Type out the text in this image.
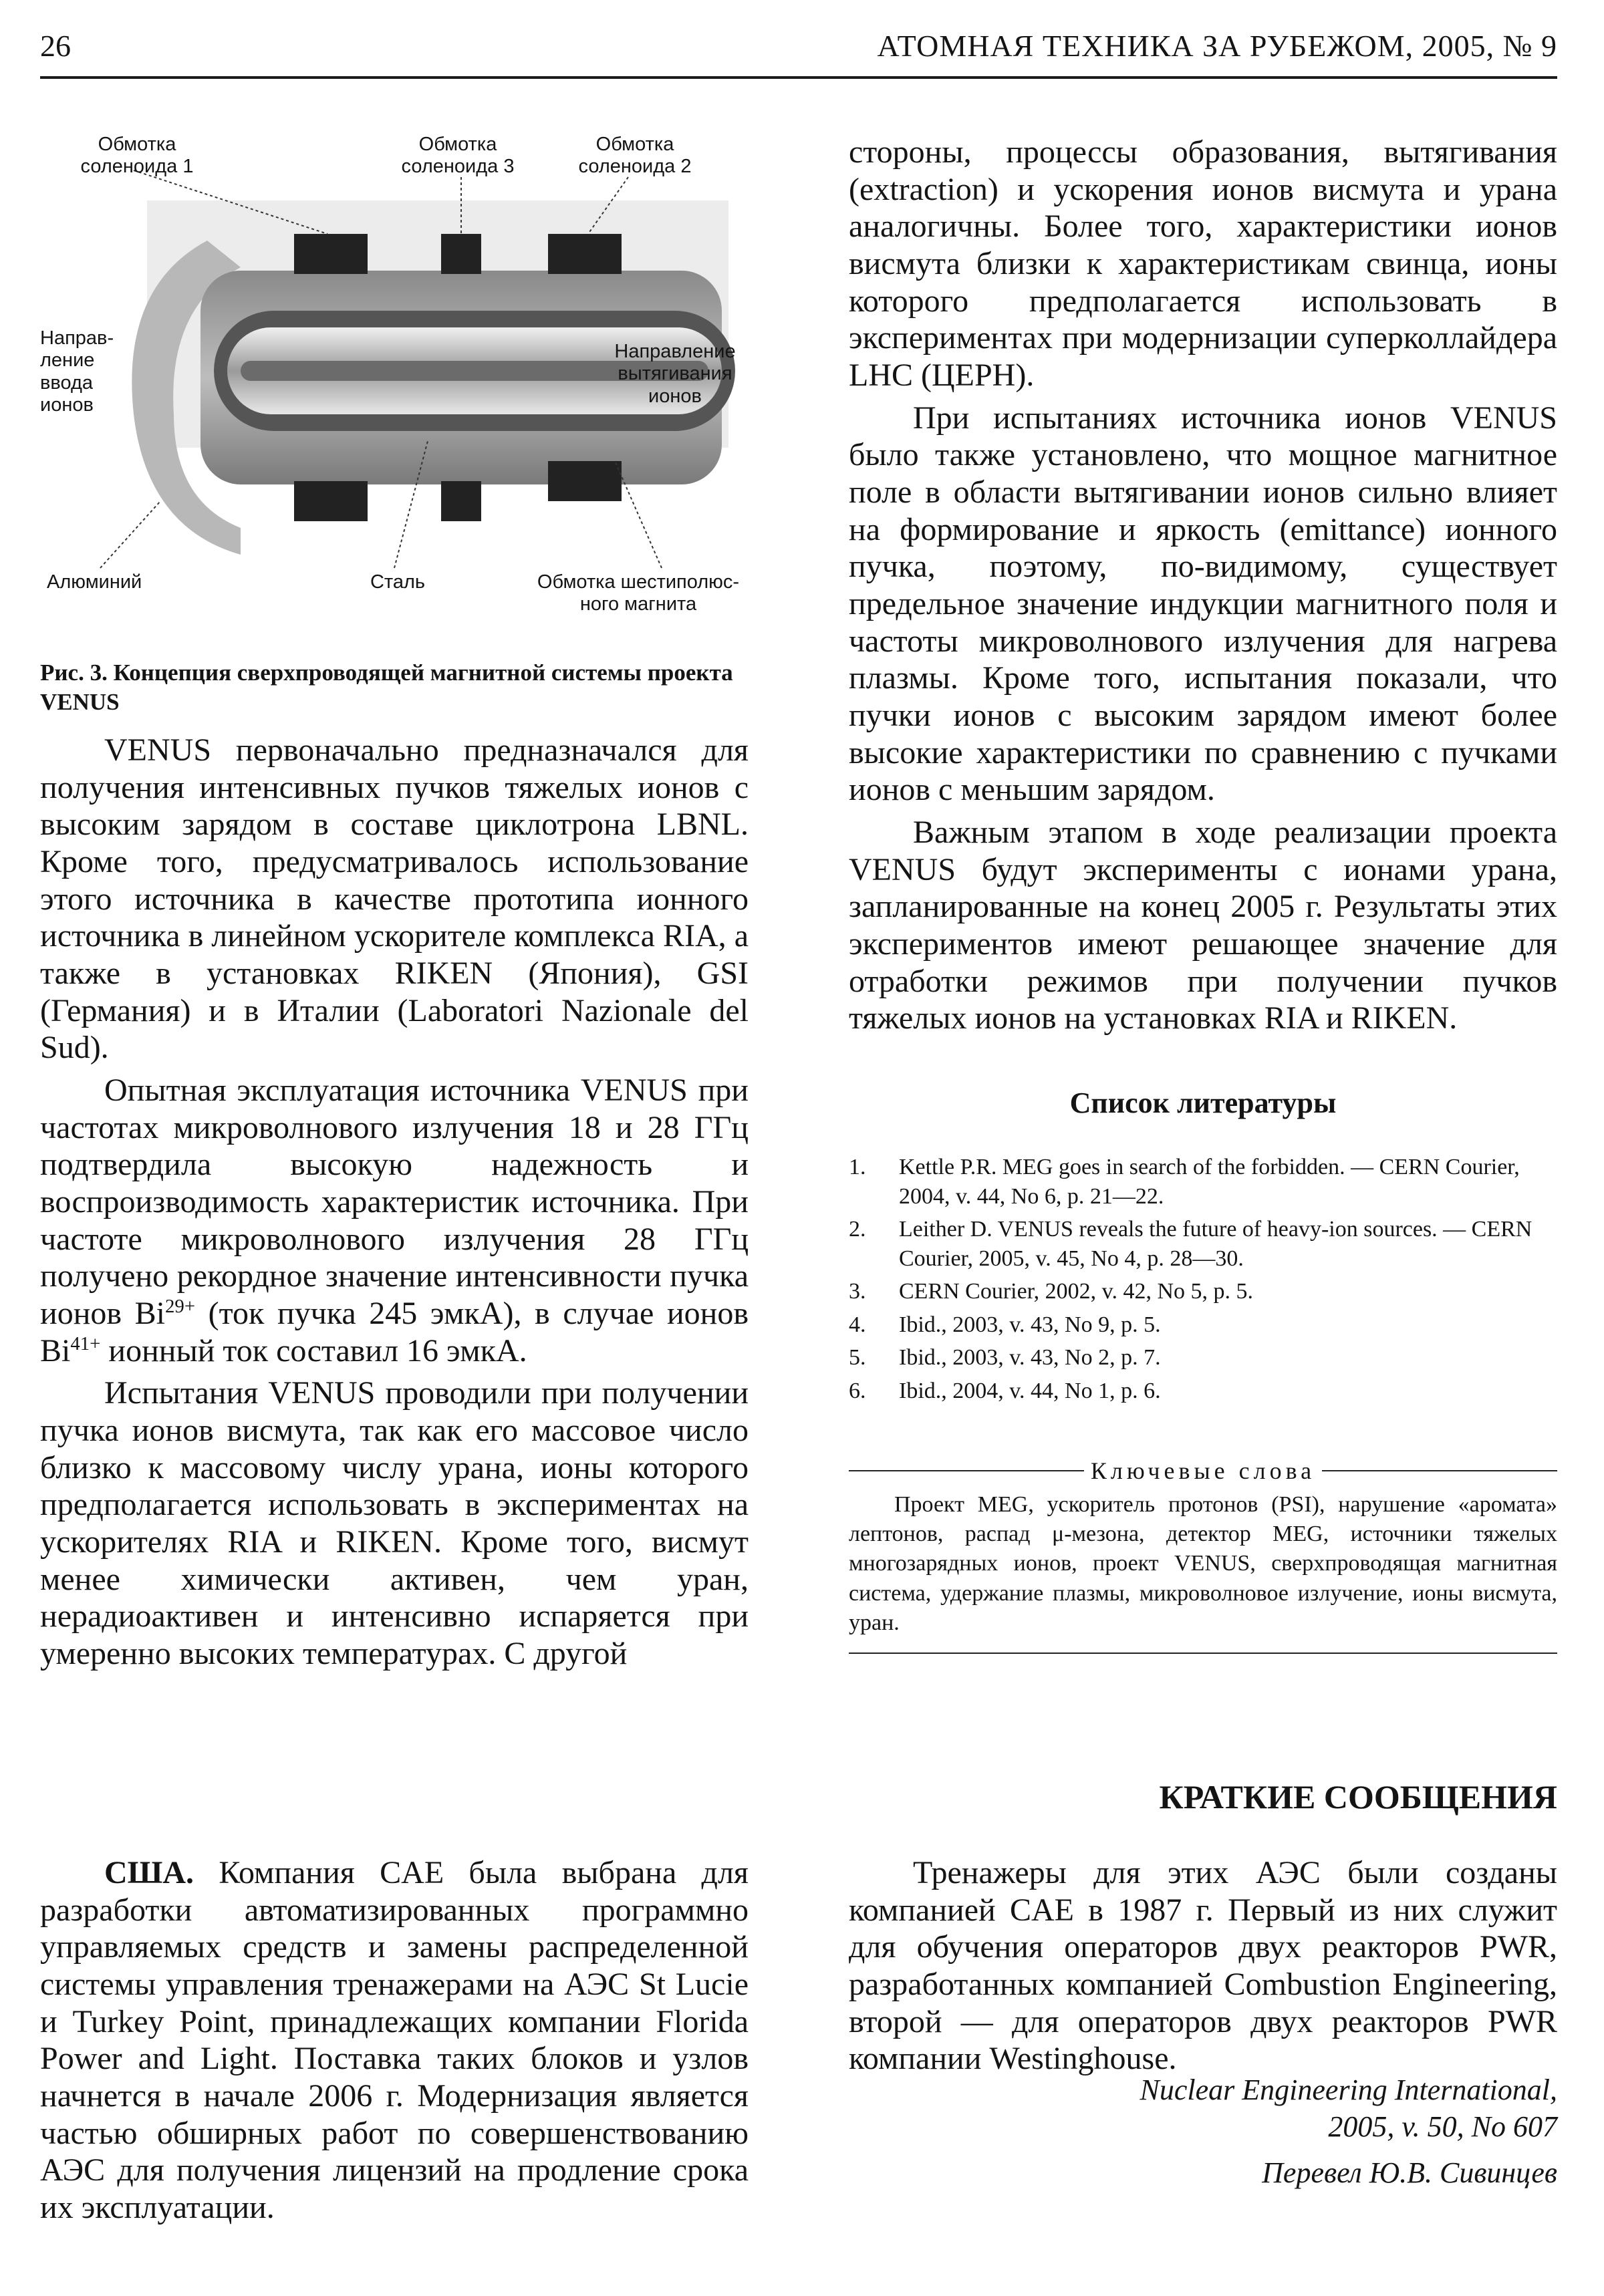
26	АТОМНАЯ ТЕХНИКА ЗА РУБЕЖОМ, 2005, № 9
Обмотка соленоида 1
Обмотка соленоида 3
Обмотка соленоида 2
Направ-ление ввода ионов
Направление вытягивания ионов
Алюминий	Сталь	Обмотка шестиполюс-ного магнита
Рис. 3. Концепция сверхпроводящей магнитной системы проекта VENUS

VENUS первоначально предназначался для получения интенсивных пучков тяжелых ионов с высоким зарядом в составе циклотрона LBNL. Кроме того, предусматривалось использование этого источника в качестве прототипа ионного источника в линейном ускорителе комплекса RIA, а также в установках RIKEN (Япония), GSI (Германия) и в Италии (Laboratori Nazionale del Sud).

Опытная эксплуатация источника VENUS при частотах микроволнового излучения 18 и 28 ГГц подтвердила высокую надежность и воспроизводимость характеристик источника. При частоте микроволнового излучения 28 ГГц получено рекордное значение интенсивности пучка ионов $Bi^{29+}$ (ток пучка 245 эмкА), в случае ионов $Bi^{41+}$ ионный ток составил 16 эмкА.

Испытания VENUS проводили при получении пучка ионов висмута, так как его массовое число близко к массовому числу урана, ионы которого предполагается использовать в экспериментах на ускорителях RIA и RIKEN. Кроме того, висмут менее химически активен, чем уран, нерадиоактивен и интенсивно испаряется при умеренно высоких температурах. С другой

стороны, процессы образования, вытягивания (extraction) и ускорения ионов висмута и урана аналогичны. Более того, характеристики ионов висмута близки к характеристикам свинца, ионы которого предполагается использовать в экспериментах при модернизации суперколлайдера LHC (ЦЕРН).

При испытаниях источника ионов VENUS было также установлено, что мощное магнитное поле в области вытягивании ионов сильно влияет на формирование и яркость (emittance) ионного пучка, поэтому, по-видимому, существует предельное значение индукции магнитного поля и частоты микроволнового излучения для нагрева плазмы. Кроме того, испытания показали, что пучки ионов с высоким зарядом имеют более высокие характеристики по сравнению с пучками ионов с меньшим зарядом.

Важным этапом в ходе реализации проекта VENUS будут эксперименты с ионами урана, запланированные на конец 2005 г. Результаты этих экспериментов имеют решающее значение для отработки режимов при получении пучков тяжелых ионов на установках RIA и RIKEN.

Список литературы
1. Kettle P.R. MEG goes in search of the forbidden. — CERN Courier, 2004, v. 44, No 6, p. 21—22.
2. Leither D. VENUS reveals the future of heavy-ion sources. — CERN Courier, 2005, v. 45, No 4, p. 28—30.
3. CERN Courier, 2002, v. 42, No 5, p. 5.
4. Ibid., 2003, v. 43, No 9, p. 5.
5. Ibid., 2003, v. 43, No 2, p. 7.
6. Ibid., 2004, v. 44, No 1, p. 6.
Ключевые слова
Проект MEG, ускоритель протонов (PSI), нарушение «аромата» лептонов, распад μ-мезона, детектор MEG, источники тяжелых многозарядных ионов, проект VENUS, сверхпроводящая магнитная система, удержание плазмы, микроволновое излучение, ионы висмута, уран.
КРАТКИЕ СООБЩЕНИЯ

США. Компания CAE была выбрана для разработки автоматизированных программно управляемых средств и замены распределенной системы управления тренажерами на АЭС St Lucie и Turkey Point, принадлежащих компании Florida Power and Light. Поставка таких блоков и узлов начнется в начале 2006 г. Модернизация является частью обширных работ по совершенствованию АЭС для получения лицензий на продление срока их эксплуатации.

Тренажеры для этих АЭС были созданы компанией CAE в 1987 г. Первый из них служит для обучения операторов двух реакторов PWR, разработанных компанией Combustion Engineering, второй — для операторов двух реакторов PWR компании Westinghouse.

Nuclear Engineering International,
2005, v. 50, No 607
Перевел Ю.В. Сивинцев
